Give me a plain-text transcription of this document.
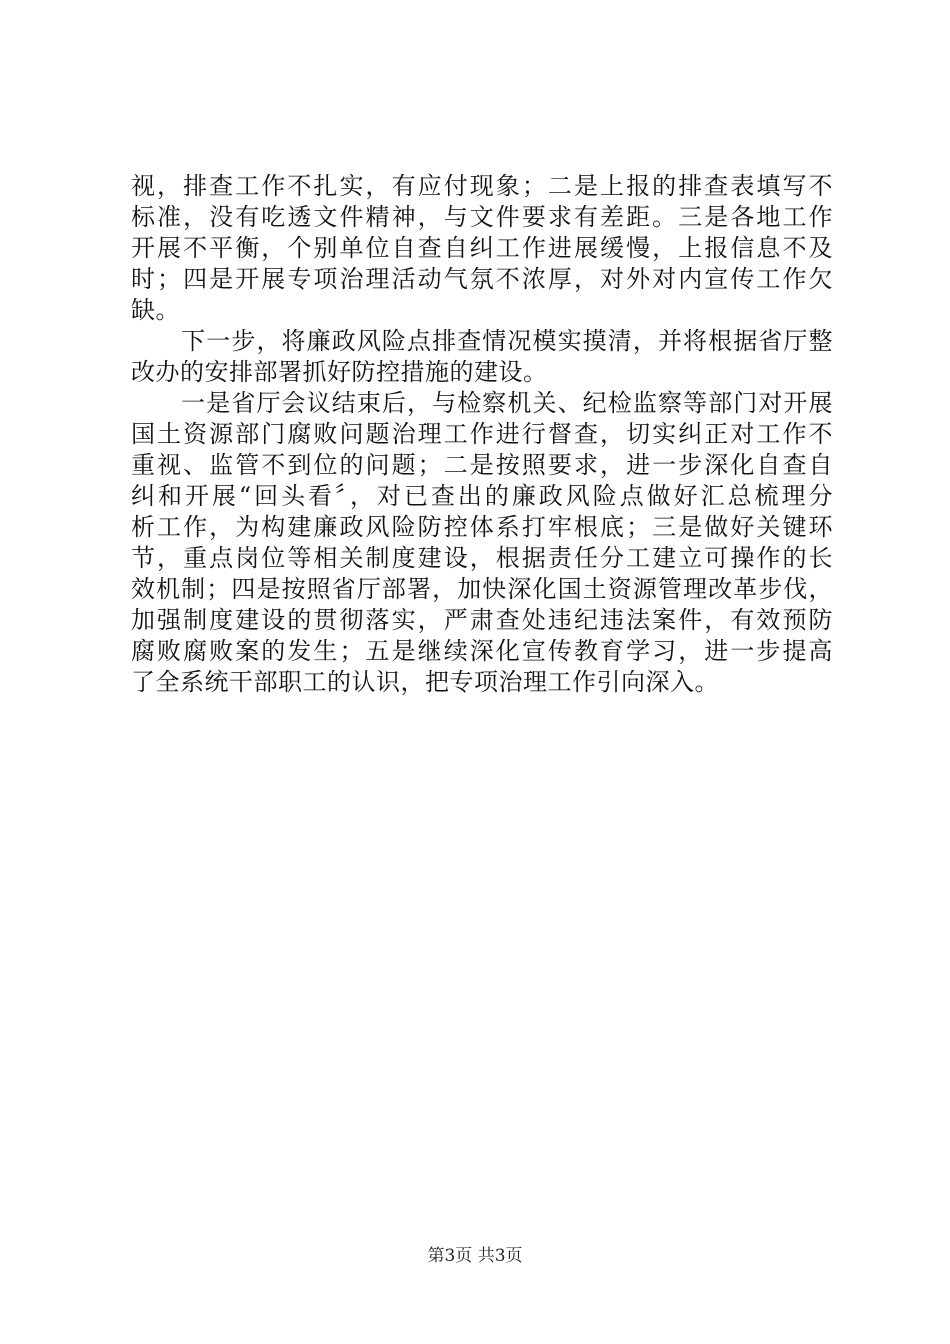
视，排查工作不扎实，有应付现象；二是上报的排查表填写不
标准，没有吃透文件精神，与文件要求有差距。三是各地工作
开展不平衡，个别单位自查自纠工作进展缓慢，上报信息不及
时；四是开展专项治理活动气氛不浓厚，对外对内宣传工作欠
缺。
　　下一步，将廉政风险点排查情况模实摸清，并将根据省厅整
改办的安排部署抓好防控措施的建设。
　　一是省厅会议结束后，与检察机关、纪检监察等部门对开展
国土资源部门腐败问题治理工作进行督查，切实纠正对工作不
重视、监管不到位的问题；二是按照要求，进一步深化自查自
纠和开展“回头看〞，对已查出的廉政风险点做好汇总梳理分
析工作，为构建廉政风险防控体系打牢根底；三是做好关键环
节，重点岗位等相关制度建设，根据责任分工建立可操作的长
效机制；四是按照省厅部署，加快深化国土资源管理改革步伐，
加强制度建设的贯彻落实，严肃查处违纪违法案件，有效预防
腐败腐败案的发生；五是继续深化宣传教育学习，进一步提高
了全系统干部职工的认识，把专项治理工作引向深入。
第3页 共3页
